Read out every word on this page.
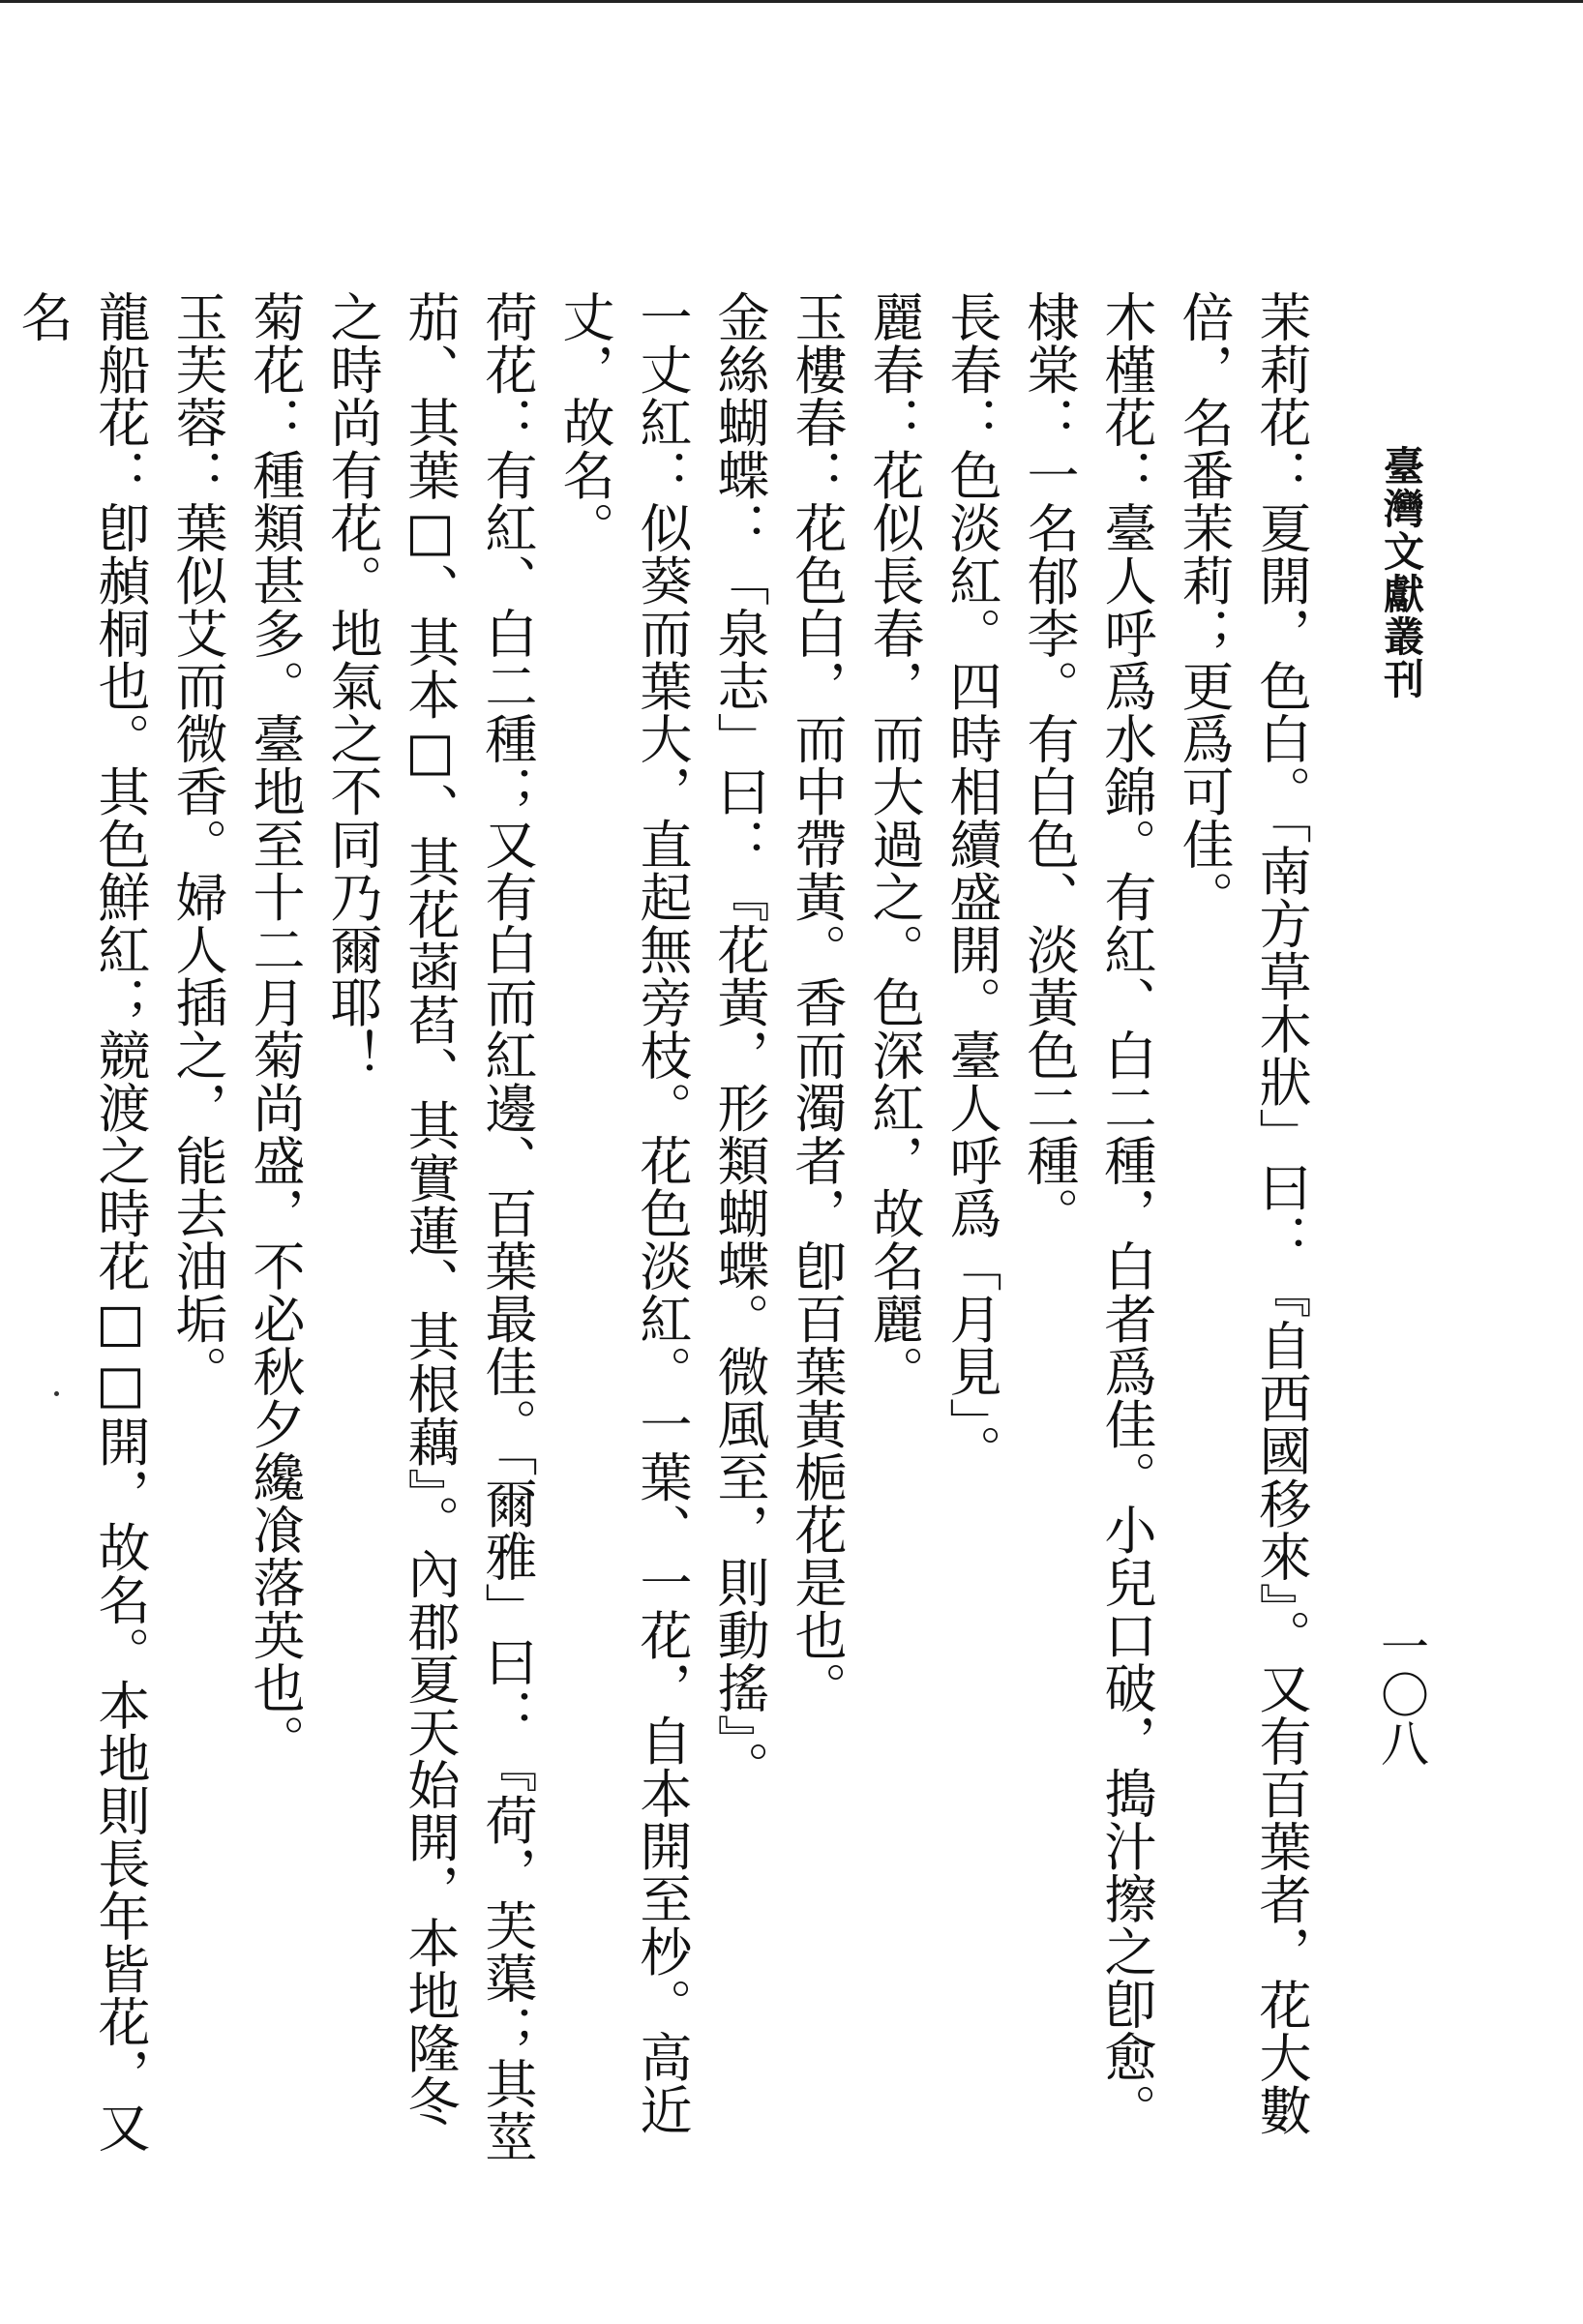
臺灣文獻叢刊
一〇八

茉莉花：夏開，色白。「南方草木狀」曰：『自西國移來』。又有百葉者，花大數倍，名番茉莉；更爲可佳。

木槿花：臺人呼爲水錦。有紅、白二種，白者爲佳。小兒口破，搗汁擦之卽愈。

棣棠：一名郁李。有白色、淡黃色二種。

長春：色淡紅。四時相續盛開。臺人呼爲「月見」。

麗春：花似長春，而大過之。色深紅，故名麗。

玉樓春：花色白，而中帶黃。香而濁者，卽百葉黃梔花是也。

金絲蝴蝶：「泉志」曰：『花黃，形類蝴蝶。微風至，則動搖』。

一丈紅：似葵而葉大，直起無旁枝。花色淡紅。一葉、一花，自本開至杪。高近丈，故名。

荷花：有紅、白二種；又有白而紅邊、百葉最佳。「爾雅」曰：『荷，芙蕖；其莖茄、其葉□、其本□、其花菡萏、其實蓮、其根藕』。內郡夏天始開，本地隆冬之時尚有花。地氣之不同乃爾耶！

菊花：種類甚多。臺地至十二月菊尚盛，不必秋夕纔飡落英也。

玉芙蓉：葉似艾而微香。婦人插之，能去油垢。

龍船花：卽赬桐也。其色鮮紅；競渡之時花□□開，故名。本地則長年皆花，又名
